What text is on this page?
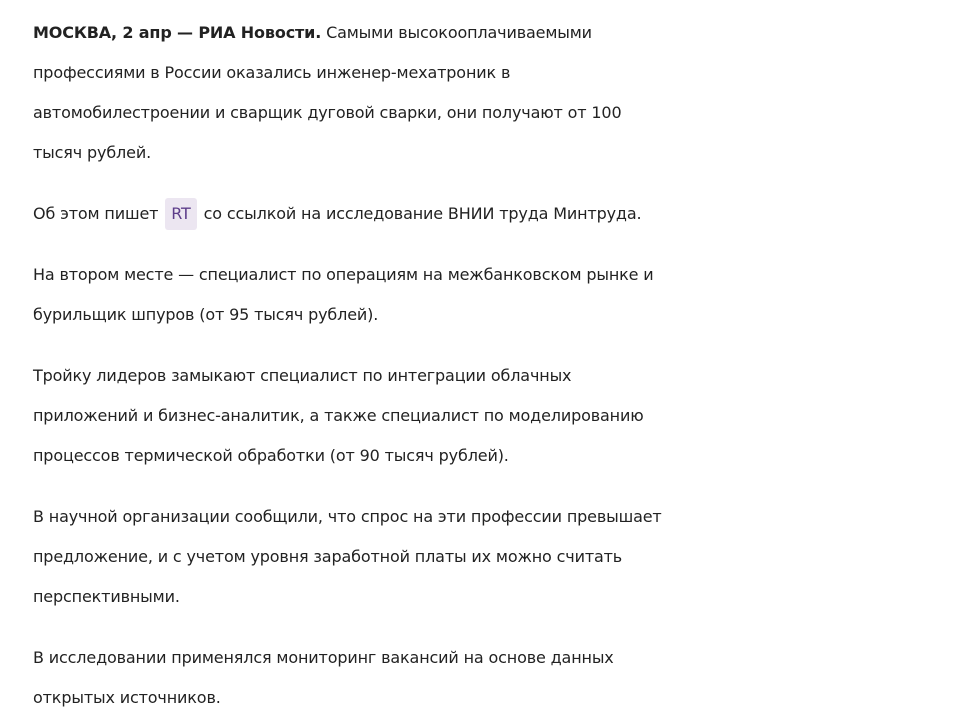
МОСКВА, 2 апр — РИА Новости. Самыми высокооплачиваемыми
профессиями в России оказались инженер-мехатроник в
автомобилестроении и сварщик дуговой сварки, они получают от 100
тысяч рублей.

Об этом пишет RT со ссылкой на исследование ВНИИ труда Минтруда.

На втором месте — специалист по операциям на межбанковском рынке и
бурильщик шпуров (от 95 тысяч рублей).

Тройку лидеров замыкают специалист по интеграции облачных
приложений и бизнес-аналитик, а также специалист по моделированию
процессов термической обработки (от 90 тысяч рублей).

В научной организации сообщили, что спрос на эти профессии превышает
предложение, и с учетом уровня заработной платы их можно считать
перспективными.

В исследовании применялся мониторинг вакансий на основе данных
открытых источников.
